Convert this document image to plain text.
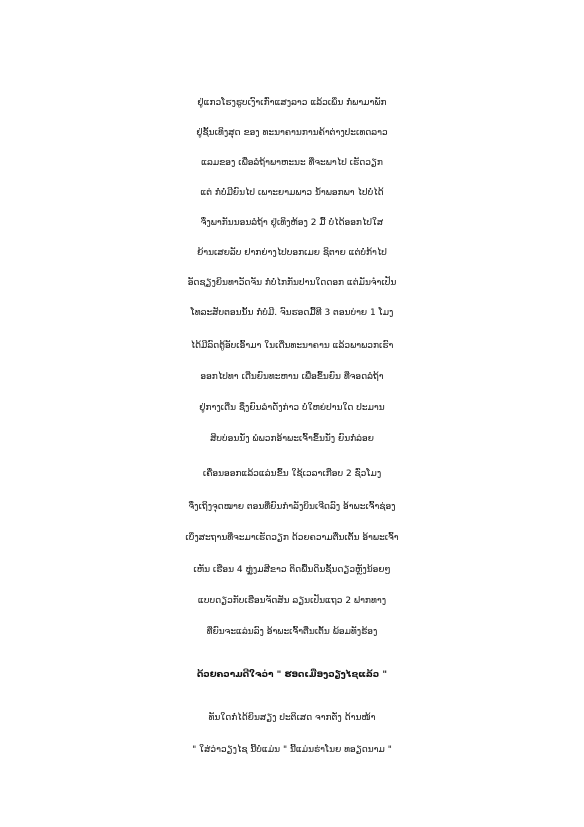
ຢູ່ແກວໂຮງຮູບເງົາເກົ່າແສງລາວ ແລ້ວເພິ່ນ ກໍ່ພາມາພັກ
ຢູ່ຊັ້ນເທິງສຸດ ຂອງ ທະນາຄານການຄ້າຕ່າງປະເທດລາວ
ແລມຂອງ ເພື່ອລໍຖ້າພາຫະນະ ທີ່ຈະພາໄປ ເຮັດວຽກ
ແຕ່ ກໍ່ບໍ່ມີຍົນໄປ ເພາະຍາມພາວ ນ້ຳພອກພາ ໄປບໍ່ໄດ້
ຈຶ່ງພາກັນນອນລໍຖ້າ ຢູ່ເທິງຫ້ອງ 2 ມື້ ບໍ່ໄດ້ອອກໄປໃສ
ຍ້ານເສຍລັບ ຢາກຍ່າງໄປບອກເມຍ ຊິຕາຍ ແຕ່ບໍ່ກ້າໄປ
ອັດຊຽງຍິນທາວັດຈັນ ກໍ່ບໍ່ໄກກັນປານໃດດອກ ແຕ່ມັນຈຳເປັນ
ໂທລະສັບຕອນນັ້ນ ກໍ່ບໍ່ມີ. ຈົນຮອດມື້ທີ 3 ຕອນບ່າຍ 1 ໂມງ
ໄດ້ມີລົດຕູ້ອັບເອົ້າມາ ໃນເດີ່ນທະນາຄານ ແລ້ວພາພວກເຮົາ
ອອກໄປທາ ເດີ່ນຍົນທະຫານ ເພື່ອຂຶ້ນຍົນ ທີ່ຈອດລໍຖ້າ
ຢູ່ກາງເດີ່ນ ຊຶ່ງຍົນລຳດັ່ງກ່າວ ບໍ່ໃຫຍ່ປານໃດ ປະມານ
ສິບບ່ອນນັ່ງ ພໍພວກອ້າພະເຈົ້າຂຶ້ນນັ່ງ ຍົນກໍ່ລ່ອຍ
ເຄື່ອນອອກແລ້ວແລ່ນຂຶ້ນ ໃຊ້ເວລາເກືອບ 2 ຊົ່ວໂມງ
ຈຶ່ງເຖິງຈຸດໝາຍ ຕອນທີ່ຍົນກຳລັງບິນເຈີດລົງ ອ້າພະເຈົ້າຊ່ອງ
ເບິ່ງສະຖານທີ່ຈະມາເຮັດວຽກ ດ້ວຍຄວາມຕື່ນເຕັ້ນ ອ້າພະເຈົ້າ
ເຫັນ ເຮືອນ 4 ຫຼູ່ງມສີຂາວ ຕິດພື້ນດິນຊັ້ນດຽວຫຼັງນ້ອຍໆ
ແບບດຽວກັບເຮືອນຈັດສັນ ລຽນເປັນແຖວ 2 ຟາກທາງ
ທີ່ຍົນຈະແລ່ນລົງ ອ້າພະເຈົ້າຕື່ນເຕັ້ນ ພ້ອມທັງຮ້ອງ
ດ້ວຍຄວາມດີໃຈວ່າ " ຮອດເມືອງວຽງໄຊແລ້ວ "
ທັນໃດກໍ່ໄດ້ຍິນສຽງ ປະຕິເສດ ຈາກຕັ່ງ ດ້ານໜ້າ
" ໃສ່ວ່າວຽງໄຊ ນີ້ບໍ່ແມ່ນ " ນີ້ແມ່ນຮ່າໂນຍ ທອຽດນາມ "
